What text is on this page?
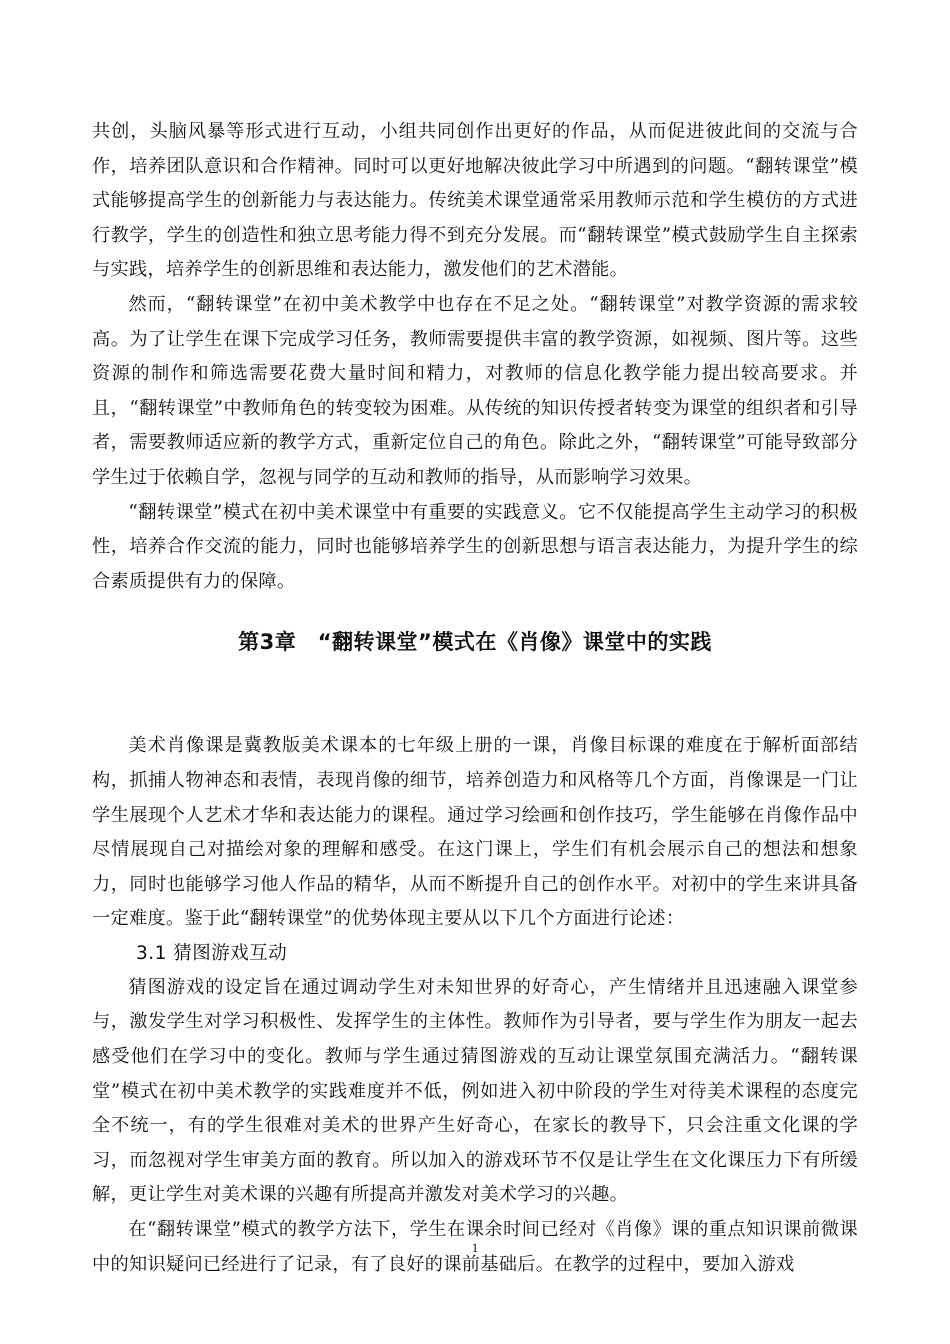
共创，头脑风暴等形式进行互动，小组共同创作出更好的作品，从而促进彼此间的交流与合作，培养团队意识和合作精神。同时可以更好地解决彼此学习中所遇到的问题。“翻转课堂”模式能够提高学生的创新能力与表达能力。传统美术课堂通常采用教师示范和学生模仿的方式进行教学，学生的创造性和独立思考能力得不到充分发展。而“翻转课堂”模式鼓励学生自主探索与实践，培养学生的创新思维和表达能力，激发他们的艺术潜能。

然而，“翻转课堂”在初中美术教学中也存在不足之处。“翻转课堂”对教学资源的需求较高。为了让学生在课下完成学习任务，教师需要提供丰富的教学资源，如视频、图片等。这些资源的制作和筛选需要花费大量时间和精力，对教师的信息化教学能力提出较高要求。并且，“翻转课堂”中教师角色的转变较为困难。从传统的知识传授者转变为课堂的组织者和引导者，需要教师适应新的教学方式，重新定位自己的角色。除此之外，“翻转课堂”可能导致部分学生过于依赖自学，忽视与同学的互动和教师的指导，从而影响学习效果。

“翻转课堂”模式在初中美术课堂中有重要的实践意义。它不仅能提高学生主动学习的积极性，培养合作交流的能力，同时也能够培养学生的创新思想与语言表达能力，为提升学生的综合素质提供有力的保障。

第3章　“翻转课堂”模式在《肖像》课堂中的实践

美术肖像课是冀教版美术课本的七年级上册的一课，肖像目标课的难度在于解析面部结构，抓捕人物神态和表情，表现肖像的细节，培养创造力和风格等几个方面，肖像课是一门让学生展现个人艺术才华和表达能力的课程。通过学习绘画和创作技巧，学生能够在肖像作品中尽情展现自己对描绘对象的理解和感受。在这门课上，学生们有机会展示自己的想法和想象力，同时也能够学习他人作品的精华，从而不断提升自己的创作水平。对初中的学生来讲具备一定难度。鉴于此“翻转课堂”的优势体现主要从以下几个方面进行论述：

3.1 猜图游戏互动

猜图游戏的设定旨在通过调动学生对未知世界的好奇心，产生情绪并且迅速融入课堂参与，激发学生对学习积极性、发挥学生的主体性。教师作为引导者，要与学生作为朋友一起去感受他们在学习中的变化。教师与学生通过猜图游戏的互动让课堂氛围充满活力。“翻转课堂”模式在初中美术教学的实践难度并不低，例如进入初中阶段的学生对待美术课程的态度完全不统一，有的学生很难对美术的世界产生好奇心，在家长的教导下，只会注重文化课的学习，而忽视对学生审美方面的教育。所以加入的游戏环节不仅是让学生在文化课压力下有所缓解，更让学生对美术课的兴趣有所提高并激发对美术学习的兴趣。

在“翻转课堂”模式的教学方法下，学生在课余时间已经对《肖像》课的重点知识课前微课中的知识疑问已经进行了记录，有了良好的课前基础后。在教学的过程中，要加入游戏

1
